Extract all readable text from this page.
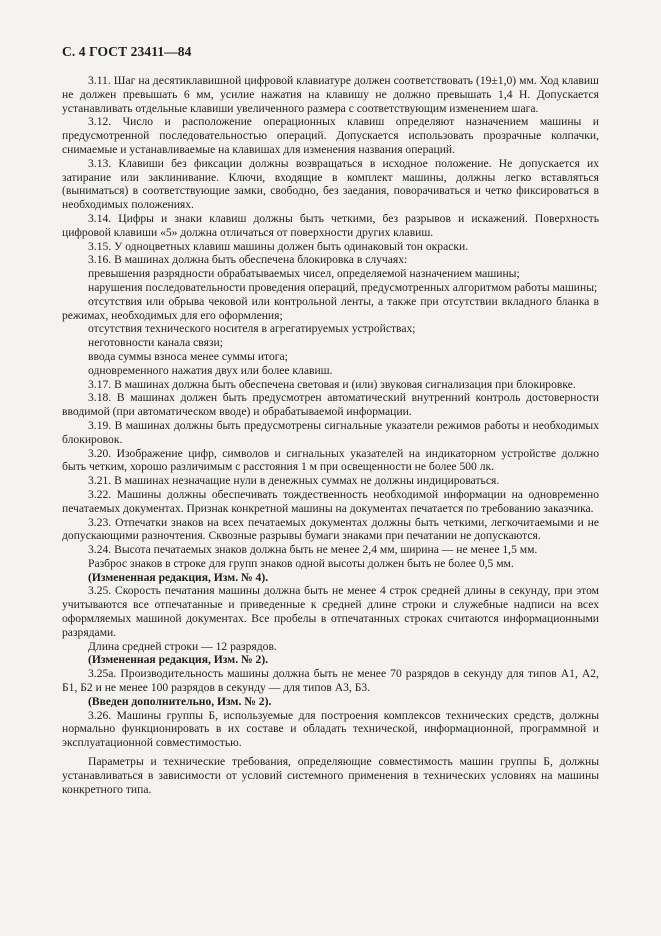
С. 4 ГОСТ 23411—84

3.11. Шаг на десятиклавишной цифровой клавиатуре должен соответствовать (19±1,0) мм. Ход клавиш не должен превышать 6 мм, усилие нажатия на клавишу не должно превышать 1,4 Н. Допускается устанавливать отдельные клавиши увеличенного размера с соответствующим изменением шага.

3.12. Число и расположение операционных клавиш определяют назначением машины и предусмотренной последовательностью операций. Допускается использовать прозрачные колпачки, снимаемые и устанавливаемые на клавишах для изменения названия операций.

3.13. Клавиши без фиксации должны возвращаться в исходное положение. Не допускается их затирание или заклинивание. Ключи, входящие в комплект машины, должны легко вставляться (выниматься) в соответствующие замки, свободно, без заедания, поворачиваться и четко фиксироваться в необходимых положениях.

3.14. Цифры и знаки клавиш должны быть четкими, без разрывов и искажений. Поверхность цифровой клавиши «5» должна отличаться от поверхности других клавиш.

3.15. У одноцветных клавиш машины должен быть одинаковый тон окраски.

3.16. В машинах должна быть обеспечена блокировка в случаях:

превышения разрядности обрабатываемых чисел, определяемой назначением машины;

нарушения последовательности проведения операций, предусмотренных алгоритмом работы машины;

отсутствия или обрыва чековой или контрольной ленты, а также при отсутствии вкладного бланка в режимах, необходимых для его оформления;

отсутствия технического носителя в агрегатируемых устройствах;

неготовности канала связи;

ввода суммы взноса менее суммы итога;

одновременного нажатия двух или более клавиш.

3.17. В машинах должна быть обеспечена световая и (или) звуковая сигнализация при блокировке.

3.18. В машинах должен быть предусмотрен автоматический внутренний контроль достоверности вводимой (при автоматическом вводе) и обрабатываемой информации.

3.19. В машинах должны быть предусмотрены сигнальные указатели режимов работы и необходимых блокировок.

3.20. Изображение цифр, символов и сигнальных указателей на индикаторном устройстве должно быть четким, хорошо различимым с расстояния 1 м при освещенности не более 500 лк.

3.21. В машинах незначащие нули в денежных суммах не должны индицироваться.

3.22. Машины должны обеспечивать тождественность необходимой информации на одновременно печатаемых документах. Признак конкретной машины на документах печатается по требованию заказчика.

3.23. Отпечатки знаков на всех печатаемых документах должны быть четкими, легкочитаемыми и не допускающими разночтения. Сквозные разрывы бумаги знаками при печатании не допускаются.

3.24. Высота печатаемых знаков должна быть не менее 2,4 мм, ширина — не менее 1,5 мм.

Разброс знаков в строке для групп знаков одной высоты должен быть не более 0,5 мм.

(Измененная редакция, Изм. № 4).

3.25. Скорость печатания машины должна быть не менее 4 строк средней длины в секунду, при этом учитываются все отпечатанные и приведенные к средней длине строки и служебные надписи на всех оформляемых машиной документах. Все пробелы в отпечатанных строках считаются информационными разрядами.

Длина средней строки — 12 разрядов.

(Измененная редакция, Изм. № 2).

3.25а. Производительность машины должна быть не менее 70 разрядов в секунду для типов А1, А2, Б1, Б2 и не менее 100 разрядов в секунду — для типов А3, Б3.

(Введен дополнительно, Изм. № 2).

3.26. Машины группы Б, используемые для построения комплексов технических средств, должны нормально функционировать в их составе и обладать технической, информационной, программной и эксплуатационной совместимостью.

Параметры и технические требования, определяющие совместимость машин группы Б, должны устанавливаться в зависимости от условий системного применения в технических условиях на машины конкретного типа.
